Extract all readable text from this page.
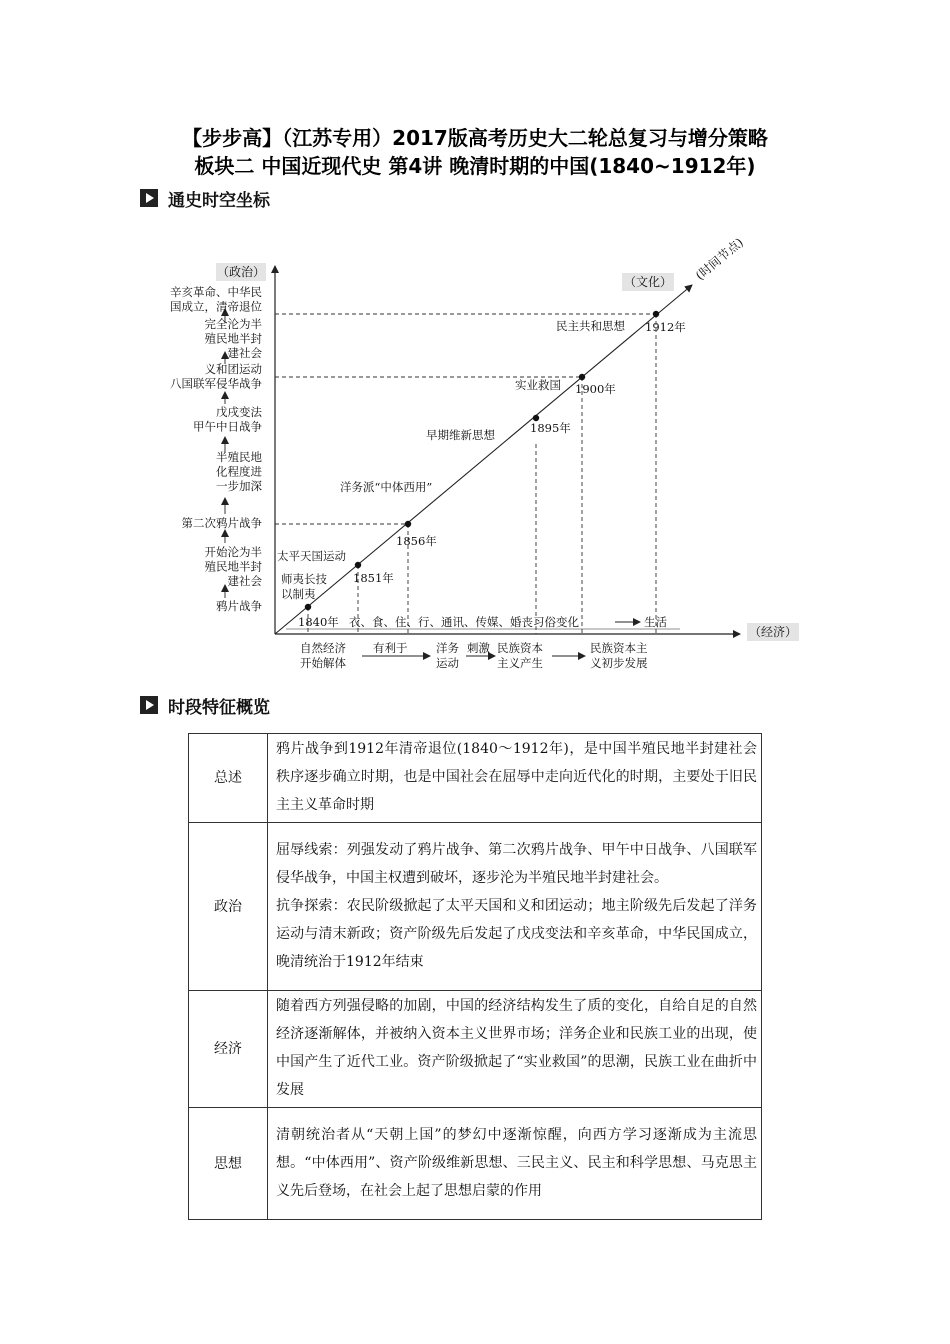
【步步高】（江苏专用）2017版高考历史大二轮总复习与增分策略
板块二 中国近现代史 第4讲 晚清时期的中国(1840~1912年)
通史时空坐标
（政治）
（文化）
（经济）
(时间节点)
辛亥革命、中华民
国成立，清帝退位
完全沦为半
殖民地半封
建社会
义和团运动
八国联军侵华战争
戊戌变法
甲午中日战争
半殖民地
化程度进
一步加深
第二次鸦片战争
开始沦为半
殖民地半封
建社会
鸦片战争
1840年
1851年
1856年
1895年
1900年
1912年
师夷长技
以制夷
太平天国运动
洋务派“中体西用”
早期维新思想
实业救国
民主共和思想
衣、食、住、行、通讯、传媒、婚丧习俗变化	生活
自然经济
开始解体
有利于 洋务
运动
刺激 民族资本
主义产生
民族资本主
义初步发展
时段特征概览
总述	鸦片战争到1912年清帝退位(1840～1912年)，是中国半殖民地半封建社会秩序逐步确立时期，也是中国社会在屈辱中走向近代化的时期，主要处于旧民主主义革命时期

政治	屈辱线索：列强发动了鸦片战争、第二次鸦片战争、甲午中日战争、八国联军侵华战争，中国主权遭到破坏，逐步沦为半殖民地半封建社会。
抗争探索：农民阶级掀起了太平天国和义和团运动；地主阶级先后发起了洋务运动与清末新政；资产阶级先后发起了戊戌变法和辛亥革命，中华民国成立，晚清统治于1912年结束

经济	随着西方列强侵略的加剧，中国的经济结构发生了质的变化，自给自足的自然经济逐渐解体，并被纳入资本主义世界市场；洋务企业和民族工业的出现，使中国产生了近代工业。资产阶级掀起了“实业救国”的思潮，民族工业在曲折中发展

思想	清朝统治者从“天朝上国”的梦幻中逐渐惊醒，向西方学习逐渐成为主流思想。“中体西用”、资产阶级维新思想、三民主义、民主和科学思想、马克思主义先后登场，在社会上起了思想启蒙的作用
